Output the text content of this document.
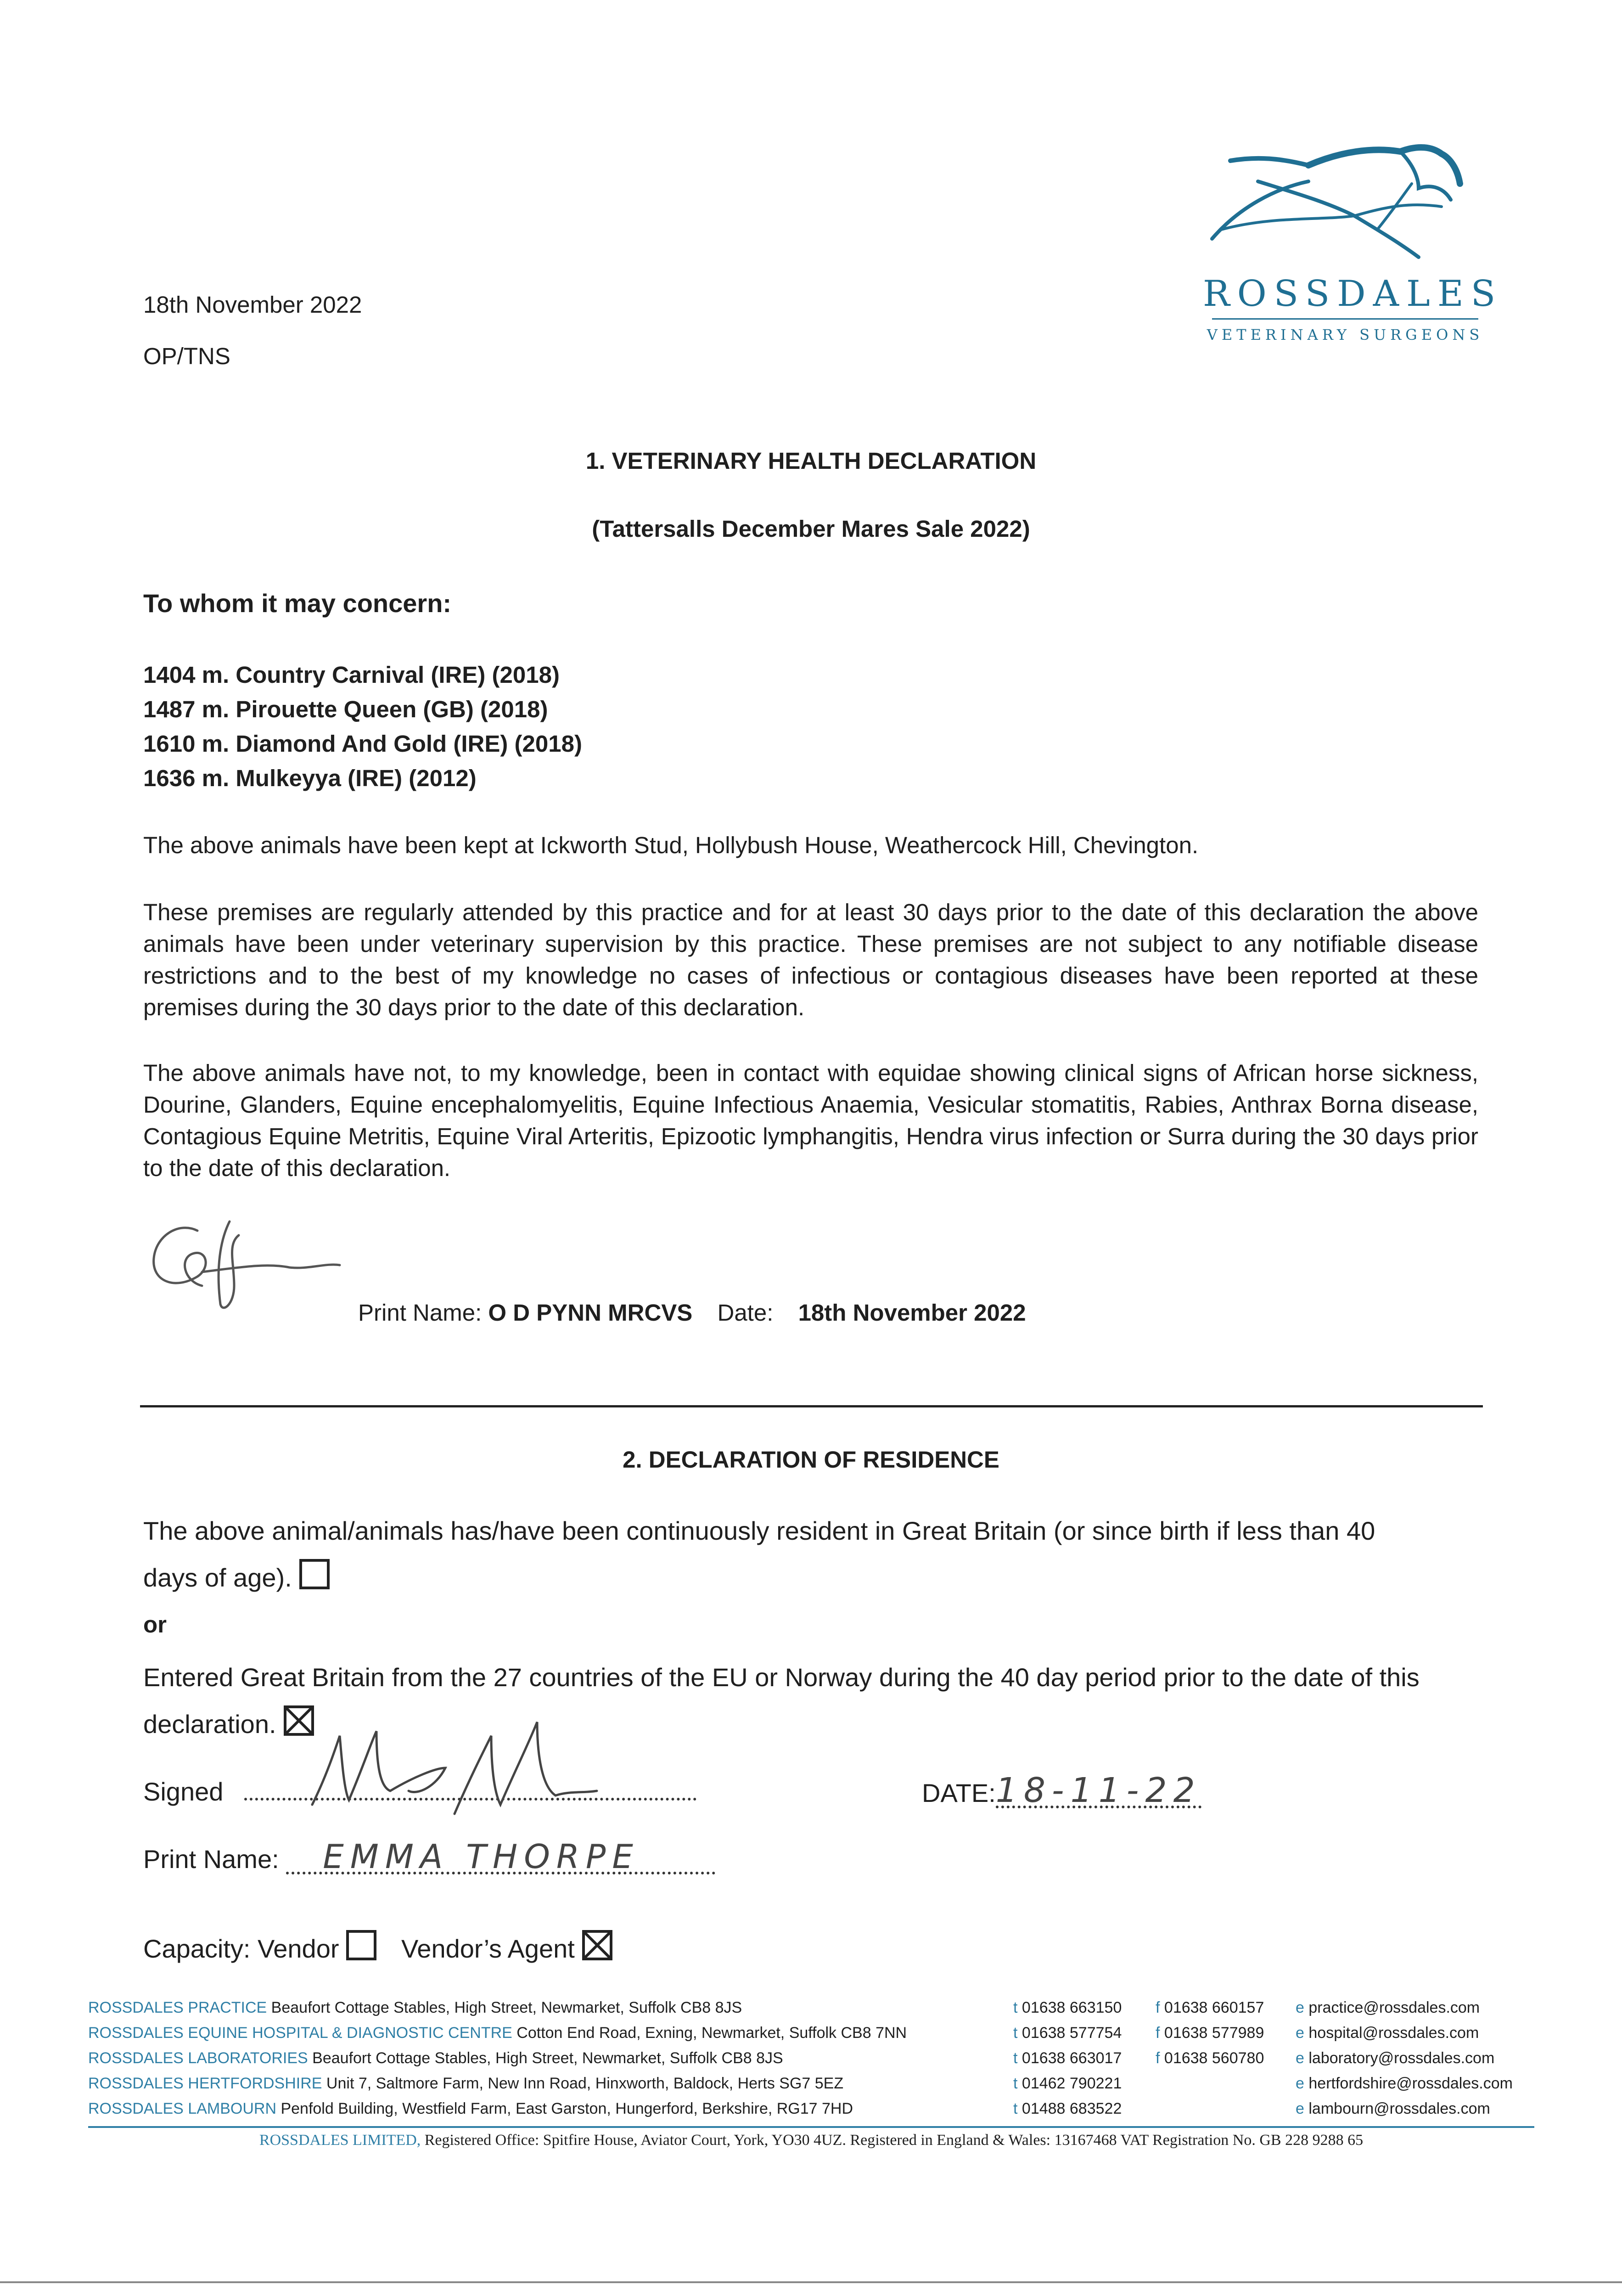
18th November 2022
OP/TNS
ROSSDALES
VETERINARY SURGEONS
1. VETERINARY HEALTH DECLARATION
(Tattersalls December Mares Sale 2022)
To whom it may concern:
1404 m. Country Carnival (IRE) (2018)
1487 m. Pirouette Queen (GB) (2018)
1610 m. Diamond And Gold (IRE) (2018)
1636 m. Mulkeyya (IRE) (2012)
The above animals have been kept at Ickworth Stud, Hollybush House, Weathercock Hill, Chevington.
These premises are regularly attended by this practice and for at least 30 days prior to the date of this declaration the above animals have been under veterinary supervision by this practice. These premises are not subject to any notifiable disease restrictions and to the best of my knowledge no cases of infectious or contagious diseases have been reported at these premises during the 30 days prior to the date of this declaration.
The above animals have not, to my knowledge, been in contact with equidae showing clinical signs of African horse sickness, Dourine, Glanders, Equine encephalomyelitis, Equine Infectious Anaemia, Vesicular stomatitis, Rabies, Anthrax Borna disease, Contagious Equine Metritis, Equine Viral Arteritis, Epizootic lymphangitis, Hendra virus infection or Surra during the 30 days prior to the date of this declaration.
Print Name: O D PYNN MRCVS Date: 18th November 2022
2. DECLARATION OF RESIDENCE
The above animal/animals has/have been continuously resident in Great Britain (or since birth if less than 40 days of age).
or
Entered Great Britain from the 27 countries of the EU or Norway during the 40 day period prior to the date of this declaration.
Signed	DATE:18-11-22
Print Name: EMMA THORPE
Capacity: Vendor Vendor’s Agent
ROSSDALES PRACTICE Beaufort Cottage Stables, High Street, Newmarket, Suffolk CB8 8JS	t 01638 663150 f 01638 660157 e practice@rossdales.com
ROSSDALES EQUINE HOSPITAL & DIAGNOSTIC CENTRE Cotton End Road, Exning, Newmarket, Suffolk CB8 7NN	t 01638 577754 f 01638 577989 e hospital@rossdales.com
ROSSDALES LABORATORIES Beaufort Cottage Stables, High Street, Newmarket, Suffolk CB8 8JS	t 01638 663017 f 01638 560780 e laboratory@rossdales.com
ROSSDALES HERTFORDSHIRE Unit 7, Saltmore Farm, New Inn Road, Hinxworth, Baldock, Herts SG7 5EZ	t 01462 790221	e hertfordshire@rossdales.com
ROSSDALES LAMBOURN Penfold Building, Westfield Farm, East Garston, Hungerford, Berkshire, RG17 7HD	t 01488 683522	e lambourn@rossdales.com
ROSSDALES LIMITED, Registered Office: Spitfire House, Aviator Court, York, YO30 4UZ. Registered in England & Wales: 13167468 VAT Registration No. GB 228 9288 65
